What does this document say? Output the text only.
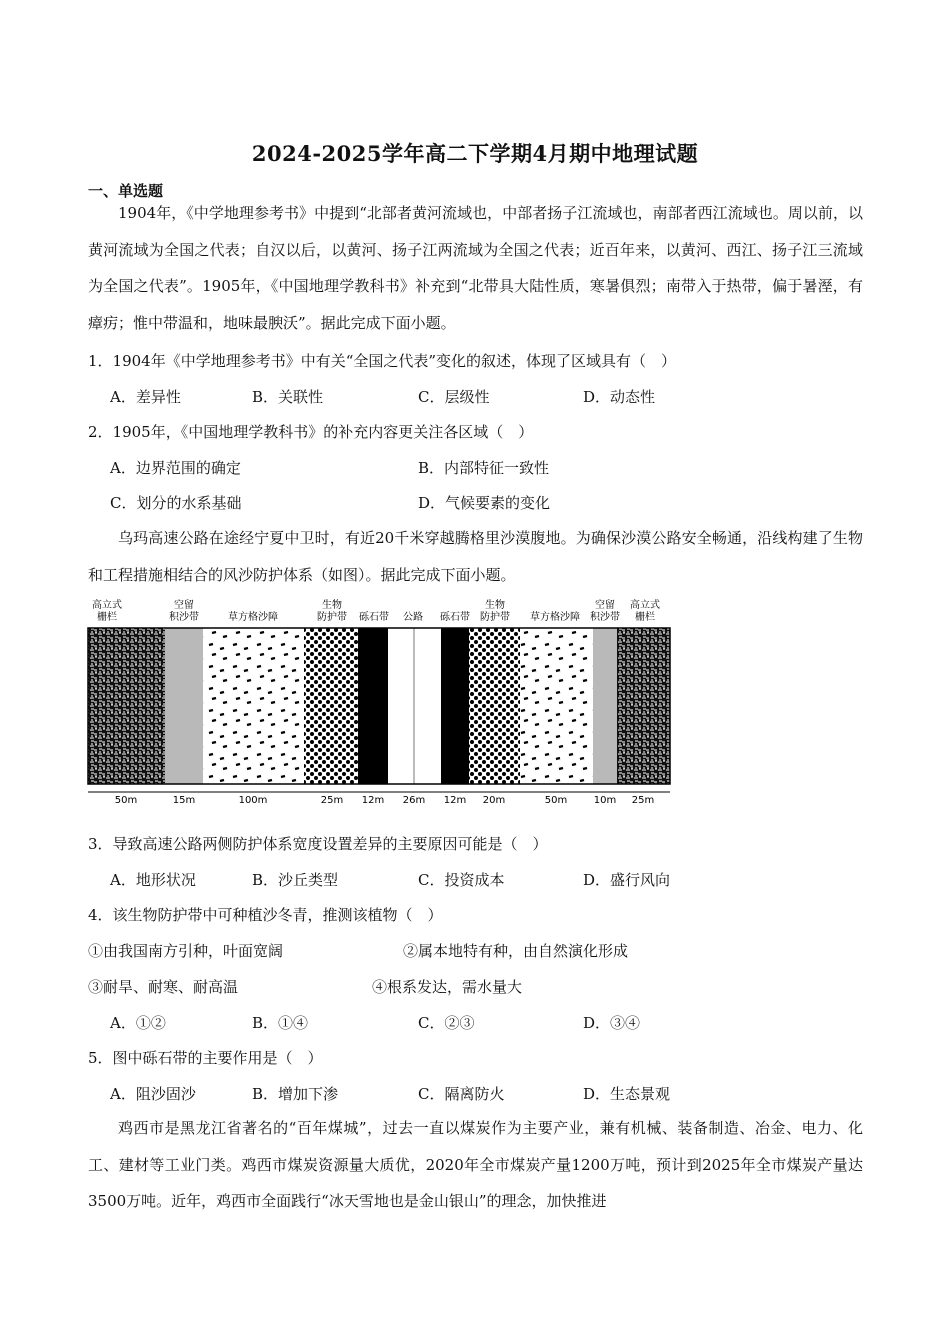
2024-2025学年高二下学期4月期中地理试题
一、单选题
1904年，《中学地理参考书》中提到“北部者黄河流域也，中部者扬子江流域也，南部者西江流域也。周以前，以黄河流域为全国之代表；自汉以后，以黄河、扬子江两流域为全国之代表；近百年来，以黄河、西江、扬子江三流域为全国之代表”。1905年，《中国地理学教科书》补充到“北带具大陆性质，寒暑俱烈；南带入于热带，偏于暑溼，有瘴疠；惟中带温和，地味最腴沃”。据此完成下面小题。
1．1904年《中学地理参考书》中有关“全国之代表”变化的叙述，体现了区域具有（　）
A．差异性	B．关联性	C．层级性	D．动态性
2．1905年，《中国地理学教科书》的补充内容更关注各区域（　）
A．边界范围的确定	B．内部特征一致性
C．划分的水系基础	D．气候要素的变化
乌玛高速公路在途经宁夏中卫时，有近20千米穿越腾格里沙漠腹地。为确保沙漠公路安全畅通，沿线构建了生物和工程措施相结合的风沙防护体系（如图）。据此完成下面小题。
高立式
栅栏
空留
积沙带	草方格沙障
生物
防护带 砾石带 公路 砾石带
生物
防护带 草方格沙障
空留
积沙带
高立式
栅栏
50m	15m	100m	25m 12m 26m 12m 20m	50m	10m 25m
3．导致高速公路两侧防护体系宽度设置差异的主要原因可能是（　）
A．地形状况	B．沙丘类型	C．投资成本	D．盛行风向
4．该生物防护带中可种植沙冬青，推测该植物（　）
①由我国南方引种，叶面宽阔	②属本地特有种，由自然演化形成
③耐旱、耐寒、耐高温	④根系发达，需水量大
A．①②	B．①④	C．②③	D．③④
5．图中砾石带的主要作用是（　）
A．阻沙固沙	B．增加下渗	C．隔离防火	D．生态景观
鸡西市是黑龙江省著名的“百年煤城”，过去一直以煤炭作为主要产业，兼有机械、装备制造、冶金、电力、化工、建材等工业门类。鸡西市煤炭资源量大质优，2020年全市煤炭产量1200万吨，预计到2025年全市煤炭产量达3500万吨。近年，鸡西市全面践行“冰天雪地也是金山银山”的理念，加快推进
